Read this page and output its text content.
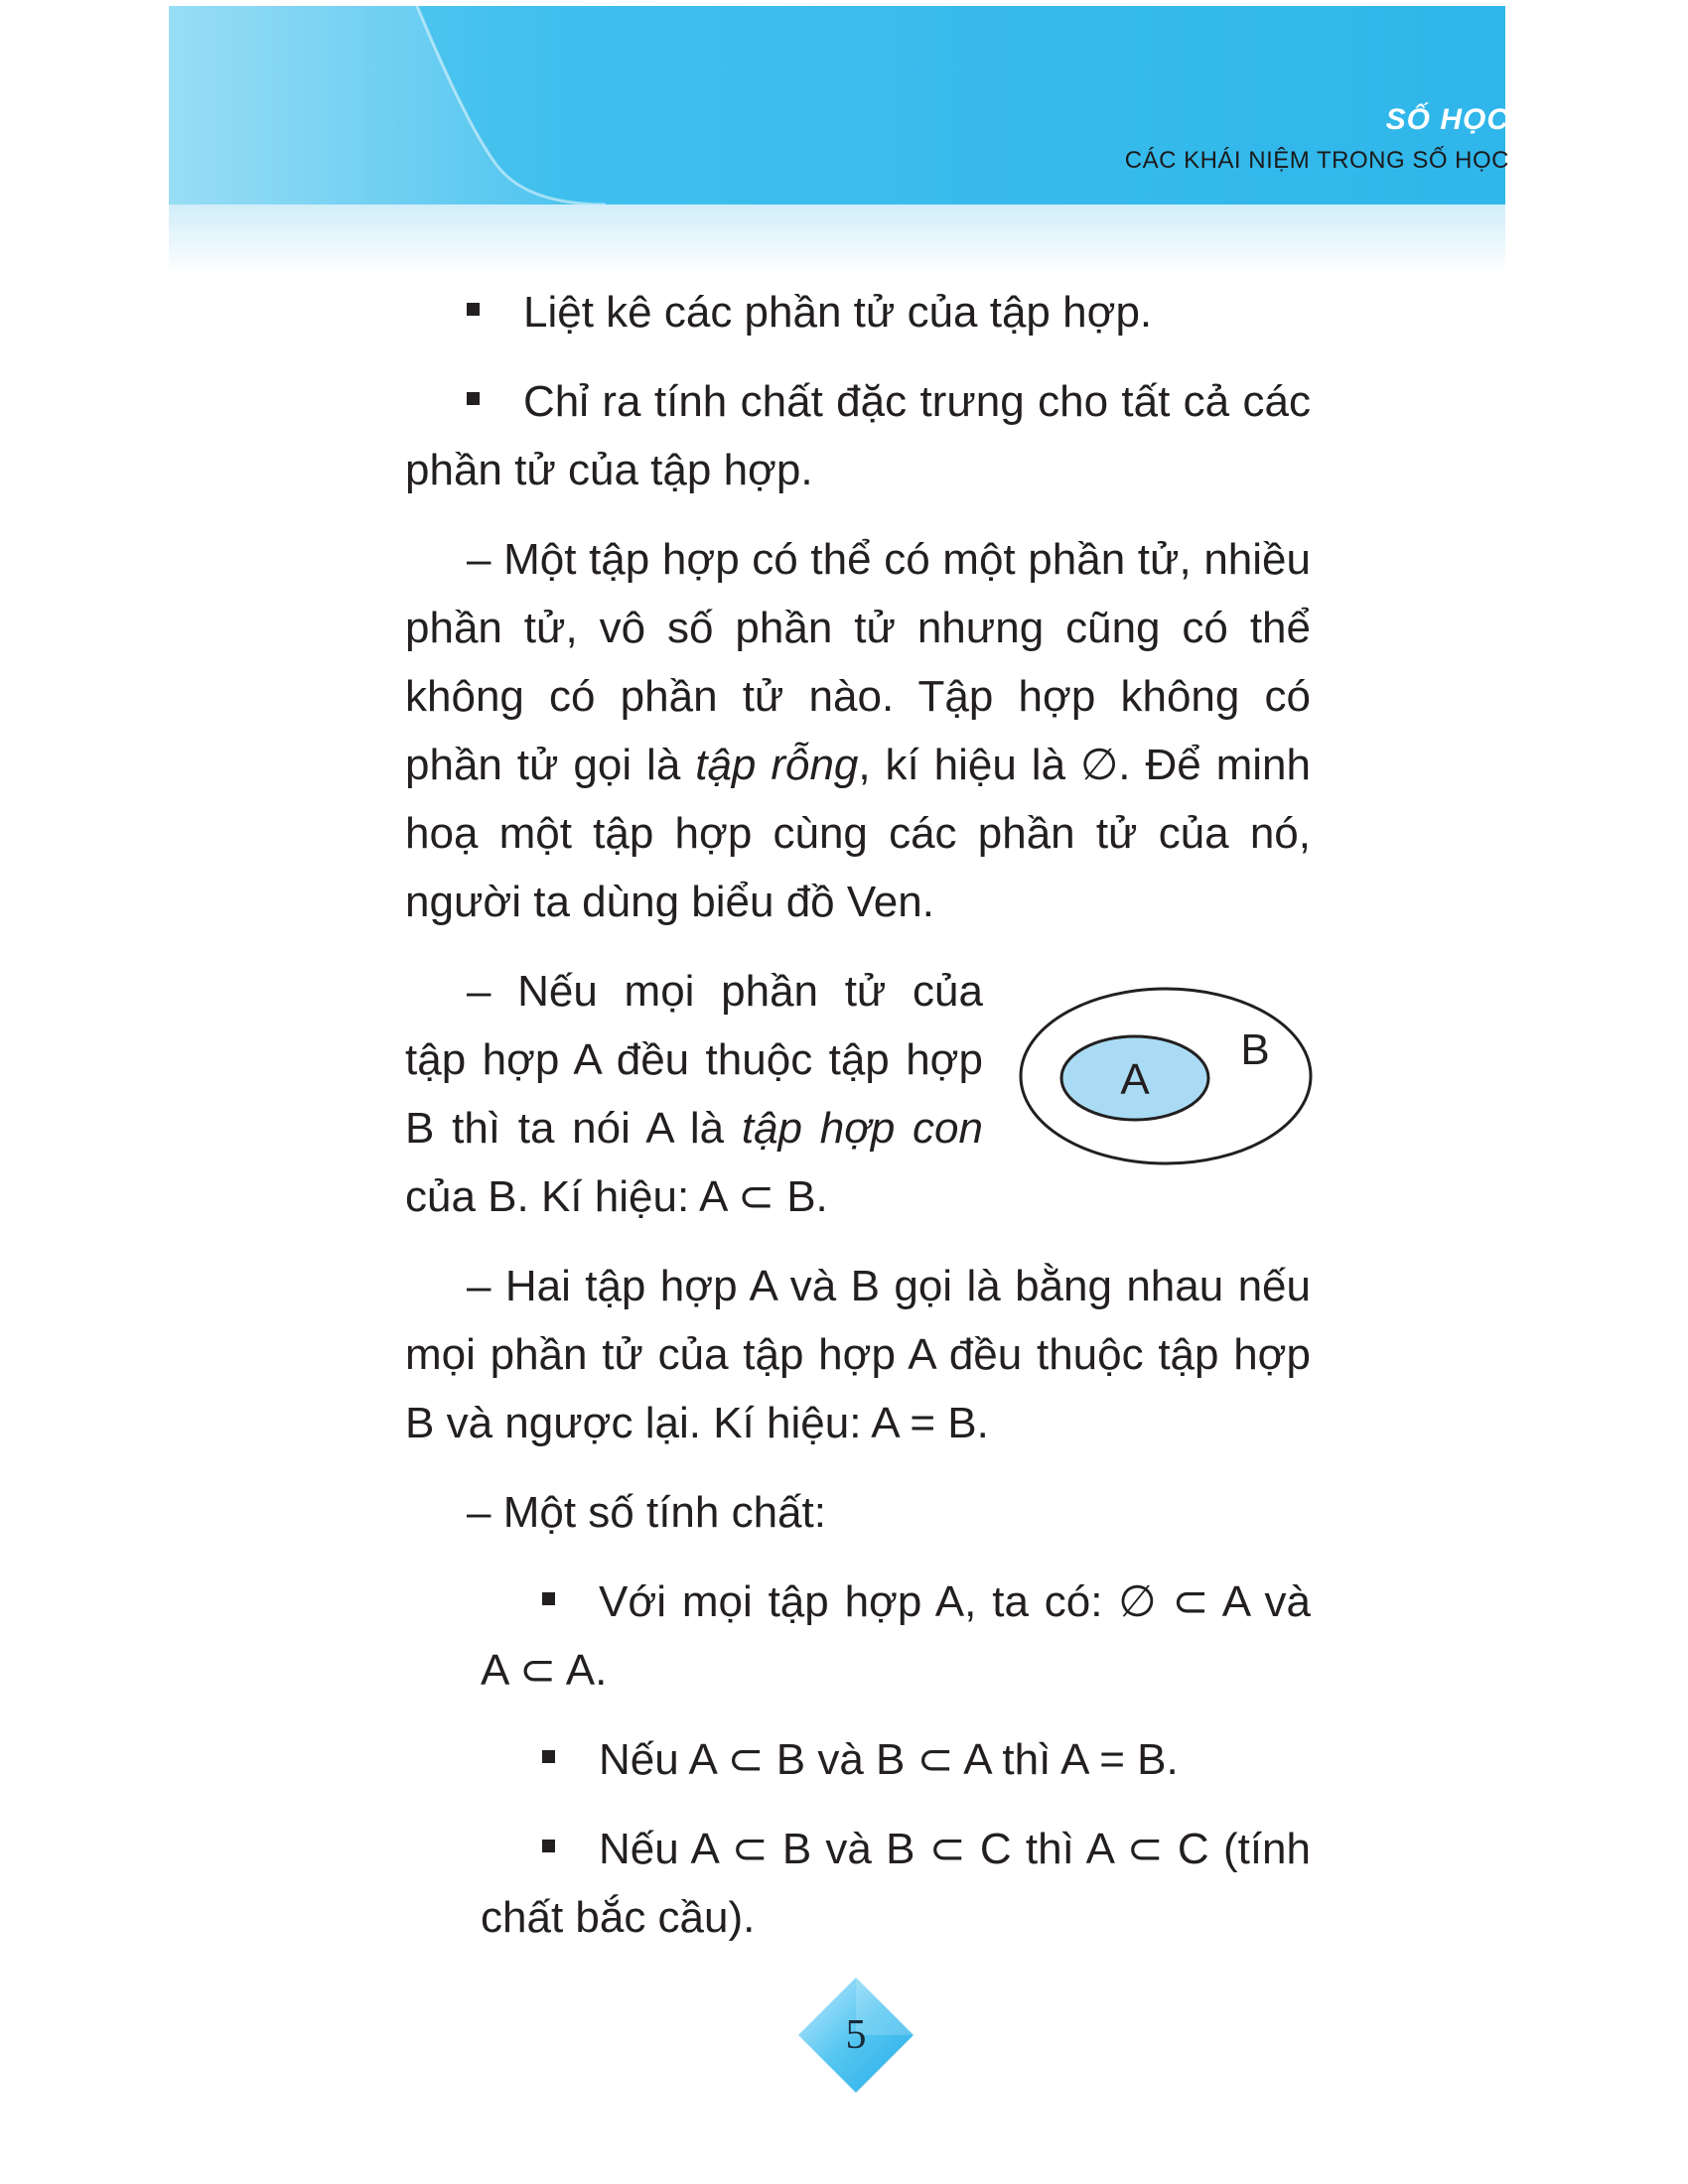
SỐ HỌC
CÁC KHÁI NIỆM TRONG SỐ HỌC

Liệt kê các phần tử của tập hợp.

Chỉ ra tính chất đặc trưng cho tất cả các phần tử của tập hợp.

– Một tập hợp có thể có một phần tử, nhiều phần tử, vô số phần tử nhưng cũng có thể không có phần tử nào. Tập hợp không có phần tử gọi là tập rỗng, kí hiệu là ∅. Để minh hoạ một tập hợp cùng các phần tử của nó, người ta dùng biểu đồ Ven.

– Nếu mọi phần tử của tập hợp A đều thuộc tập hợp B thì ta nói A là tập hợp con của B. Kí hiệu: A ⊂ B.

– Hai tập hợp A và B gọi là bằng nhau nếu mọi phần tử của tập hợp A đều thuộc tập hợp B và ngược lại. Kí hiệu: A = B.

– Một số tính chất:

Với mọi tập hợp A, ta có: ∅ ⊂ A và A ⊂ A.

Nếu A ⊂ B và B ⊂ A thì A = B.

Nếu A ⊂ B và B ⊂ C thì A ⊂ C (tính chất bắc cầu).

A
B
5
